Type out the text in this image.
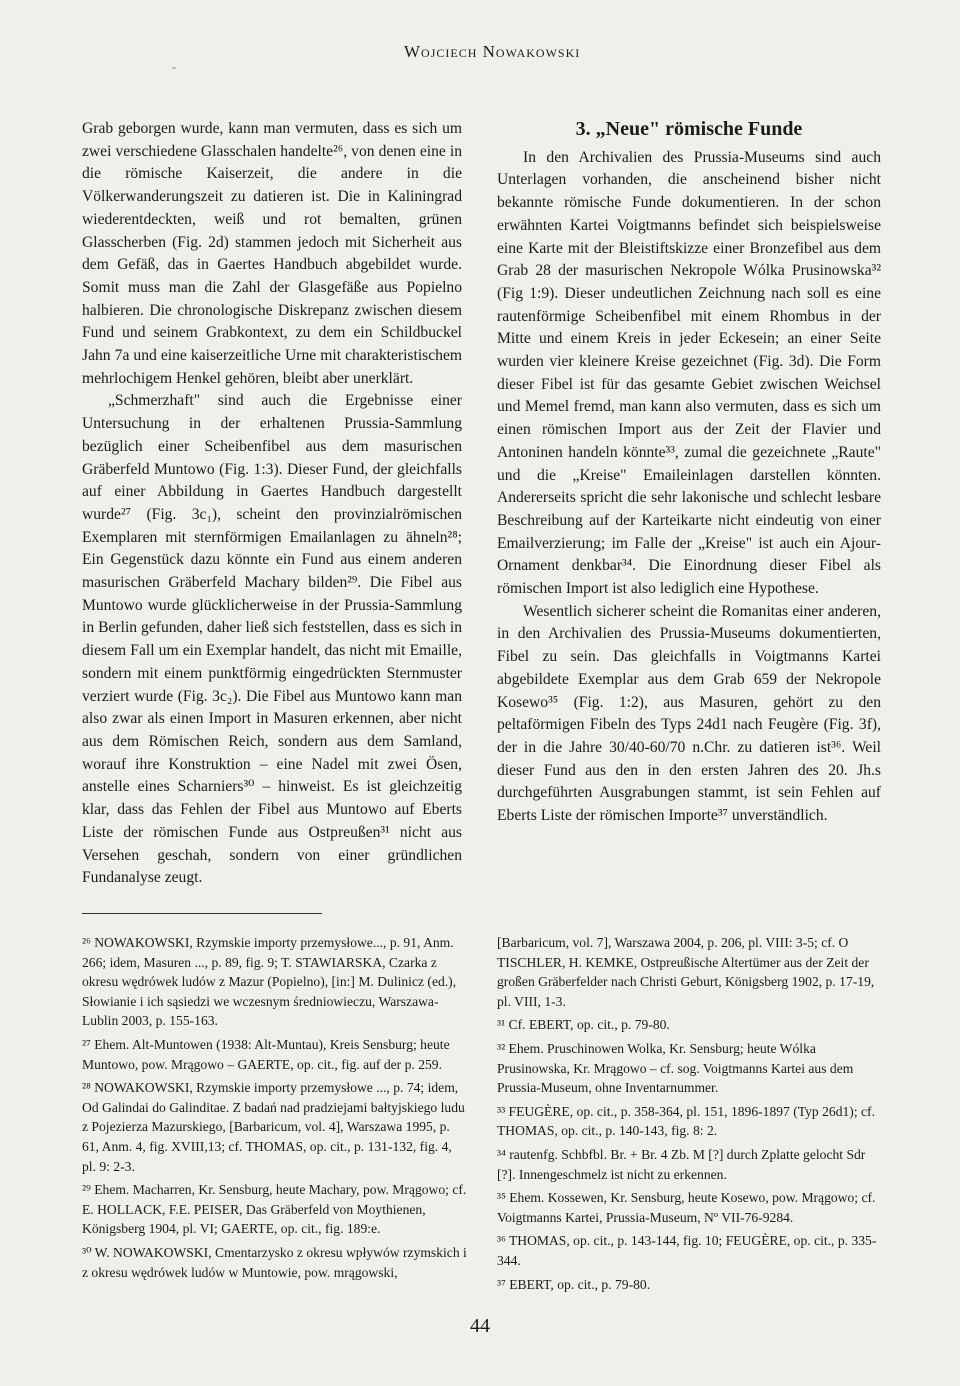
-
Wojciech Nowakowski

Grab geborgen wurde, kann man vermuten, dass es sich um zwei verschiedene Glasschalen handelte²⁶, von denen eine in die römische Kaiserzeit, die andere in die Völkerwanderungszeit zu datieren ist. Die in Kaliningrad wiederentdeckten, weiß und rot bemalten, grünen Glasscherben (Fig. 2d) stammen jedoch mit Sicherheit aus dem Gefäß, das in Gaertes Handbuch abgebildet wurde. Somit muss man die Zahl der Glasgefäße aus Popielno halbieren. Die chronologische Diskrepanz zwischen diesem Fund und seinem Grabkontext, zu dem ein Schildbuckel Jahn 7a und eine kaiserzeitliche Urne mit charakteristischem mehrlochigem Henkel gehören, bleibt aber unerklärt.

„Schmerzhaft" sind auch die Ergebnisse einer Untersuchung in der erhaltenen Prussia-Sammlung bezüglich einer Scheibenfibel aus dem masurischen Gräberfeld Muntowo (Fig. 1:3). Dieser Fund, der gleichfalls auf einer Abbildung in Gaertes Handbuch dargestellt wurde²⁷ (Fig. 3c₁), scheint den provinzialrömischen Exemplaren mit sternförmigen Emailanlagen zu ähneln²⁸; Ein Gegenstück dazu könnte ein Fund aus einem anderen masurischen Gräberfeld Machary bilden²⁹. Die Fibel aus Muntowo wurde glücklicherweise in der Prussia-Sammlung in Berlin gefunden, daher ließ sich feststellen, dass es sich in diesem Fall um ein Exemplar handelt, das nicht mit Emaille, sondern mit einem punktförmig eingedrückten Sternmuster verziert wurde (Fig. 3c₂). Die Fibel aus Muntowo kann man also zwar als einen Import in Masuren erkennen, aber nicht aus dem Römischen Reich, sondern aus dem Samland, worauf ihre Konstruktion – eine Nadel mit zwei Ösen, anstelle eines Scharniers³⁰ – hinweist. Es ist gleichzeitig klar, dass das Fehlen der Fibel aus Muntowo auf Eberts Liste der römischen Funde aus Ostpreußen³¹ nicht aus Versehen geschah, sondern von einer gründlichen Fundanalyse zeugt.

3. „Neue" römische Funde

In den Archivalien des Prussia-Museums sind auch Unterlagen vorhanden, die anscheinend bisher nicht bekannte römische Funde dokumentieren. In der schon erwähnten Kartei Voigtmanns befindet sich beispielsweise eine Karte mit der Bleistiftskizze einer Bronzefibel aus dem Grab 28 der masurischen Nekropole Wólka Prusinowska³² (Fig 1:9). Dieser undeutlichen Zeichnung nach soll es eine rautenförmige Scheibenfibel mit einem Rhombus in der Mitte und einem Kreis in jeder Eckesein; an einer Seite wurden vier kleinere Kreise gezeichnet (Fig. 3d). Die Form dieser Fibel ist für das gesamte Gebiet zwischen Weichsel und Memel fremd, man kann also vermuten, dass es sich um einen römischen Import aus der Zeit der Flavier und Antoninen handeln könnte³³, zumal die gezeichnete „Raute" und die „Kreise" Emaileinlagen darstellen könnten. Andererseits spricht die sehr lakonische und schlecht lesbare Beschreibung auf der Karteikarte nicht eindeutig von einer Emailverzierung; im Falle der „Kreise" ist auch ein Ajour-Ornament denkbar³⁴. Die Einordnung dieser Fibel als römischen Import ist also lediglich eine Hypothese.

Wesentlich sicherer scheint die Romanitas einer anderen, in den Archivalien des Prussia-Museums dokumentierten, Fibel zu sein. Das gleichfalls in Voigtmanns Kartei abgebildete Exemplar aus dem Grab 659 der Nekropole Kosewo³⁵ (Fig. 1:2), aus Masuren, gehört zu den peltaförmigen Fibeln des Typs 24d1 nach Feugère (Fig. 3f), der in die Jahre 30/40-60/70 n.Chr. zu datieren ist³⁶. Weil dieser Fund aus den in den ersten Jahren des 20. Jh.s durchgeführten Ausgrabungen stammt, ist sein Fehlen auf Eberts Liste der römischen Importe³⁷ unverständlich.

²⁶ NOWAKOWSKI, Rzymskie importy przemysłowe..., p. 91, Anm. 266; idem, Masuren ..., p. 89, fig. 9; T. STAWIARSKA, Czarka z okresu wędrówek ludów z Mazur (Popielno), [in:] M. Dulinicz (ed.), Słowianie i ich sąsiedzi we wczesnym średniowieczu, Warszawa-Lublin 2003, p. 155-163.

²⁷ Ehem. Alt-Muntowen (1938: Alt-Muntau), Kreis Sensburg; heute Muntowo, pow. Mrągowo – GAERTE, op. cit., fig. auf der p. 259.

²⁸ NOWAKOWSKI, Rzymskie importy przemysłowe ..., p. 74; idem, Od Galindai do Galinditae. Z badań nad pradziejami bałtyjskiego ludu z Pojezierza Mazurskiego, [Barbaricum, vol. 4], Warszawa 1995, p. 61, Anm. 4, fig. XVIII,13; cf. THOMAS, op. cit., p. 131-132, fig. 4, pl. 9: 2-3.

²⁹ Ehem. Macharren, Kr. Sensburg, heute Machary, pow. Mrągowo; cf. E. HOLLACK, F.E. PEISER, Das Gräberfeld von Moythienen, Königsberg 1904, pl. VI; GAERTE, op. cit., fig. 189:e.

³⁰ W. NOWAKOWSKI, Cmentarzysko z okresu wpływów rzymskich i z okresu wędrówek ludów w Muntowie, pow. mrągowski,

[Barbaricum, vol. 7], Warszawa 2004, p. 206, pl. VIII: 3-5; cf. O TISCHLER, H. KEMKE, Ostpreußische Altertümer aus der Zeit der großen Gräberfelder nach Christi Geburt, Königsberg 1902, p. 17-19, pl. VIII, 1-3.

³¹ Cf. EBERT, op. cit., p. 79-80.

³² Ehem. Pruschinowen Wolka, Kr. Sensburg; heute Wólka Prusinowska, Kr. Mrągowo – cf. sog. Voigtmanns Kartei aus dem Prussia-Museum, ohne Inventarnummer.

³³ FEUGÈRE, op. cit., p. 358-364, pl. 151, 1896-1897 (Typ 26d1); cf. THOMAS, op. cit., p. 140-143, fig. 8: 2.

³⁴ rautenfg. Schbfbl. Br. + Br. 4 Zb. M [?] durch Zplatte gelocht Sdr [?]. Innengeschmelz ist nicht zu erkennen.

³⁵ Ehem. Kossewen, Kr. Sensburg, heute Kosewo, pow. Mrągowo; cf. Voigtmanns Kartei, Prussia-Museum, Nº VII-76-9284.

³⁶ THOMAS, op. cit., p. 143-144, fig. 10; FEUGÈRE, op. cit., p. 335-344.

³⁷ EBERT, op. cit., p. 79-80.

44
